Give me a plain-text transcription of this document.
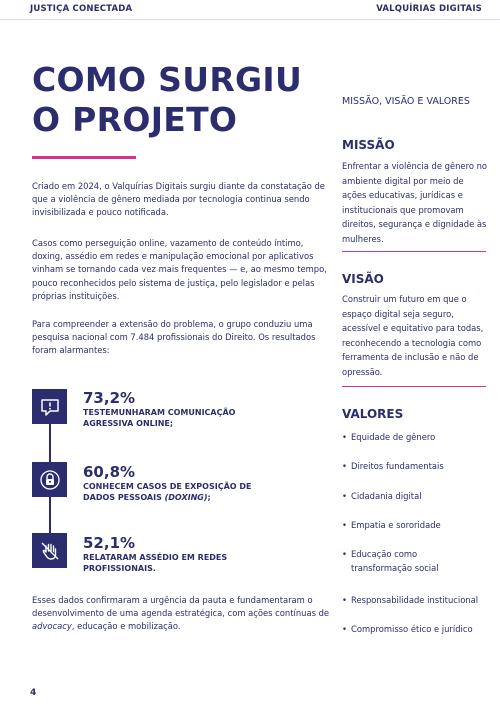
JUSTIÇA CONECTADA	VALQUÍRIAS DIGITAIS
COMO SURGIU
O PROJETO
Criado em 2024, o Valquírias Digitais surgiu diante da constatação de que a violência de gênero mediada por tecnologia continua sendo invisibilizada e pouco notificada.
Casos como perseguição online, vazamento de conteúdo íntimo, doxing, assédio em redes e manipulação emocional por aplicativos vinham se tornando cada vez mais frequentes — e, ao mesmo tempo, pouco reconhecidos pelo sistema de justiça, pelo legislador e pelas próprias instituições.
Para compreender a extensão do problema, o grupo conduziu uma pesquisa nacional com 7.484 profissionais do Direito. Os resultados foram alarmantes:
73,2%
TESTEMUNHARAM COMUNICAÇÃO AGRESSIVA ONLINE;
60,8%
CONHECEM CASOS DE EXPOSIÇÃO DE DADOS PESSOAIS (DOXING);
52,1%
RELATARAM ASSÉDIO EM REDES PROFISSIONAIS.
Esses dados confirmaram a urgência da pauta e fundamentaram o desenvolvimento de uma agenda estratégica, com ações contínuas de advocacy, educação e mobilização.
MISSÃO, VISÃO E VALORES
MISSÃO
Enfrentar a violência de gênero no ambiente digital por meio de ações educativas, jurídicas e institucionais que promovam direitos, segurança e dignidade às mulheres.
VISÃO
Construir um futuro em que o espaço digital seja seguro, acessível e equitativo para todas, reconhecendo a tecnologia como ferramenta de inclusão e não de opressão.
VALORES
• Equidade de gênero
• Direitos fundamentais
• Cidadania digital
• Empatia e sororidade
• Educação como transformação social
• Responsabilidade institucional
• Compromisso ético e jurídico
4
